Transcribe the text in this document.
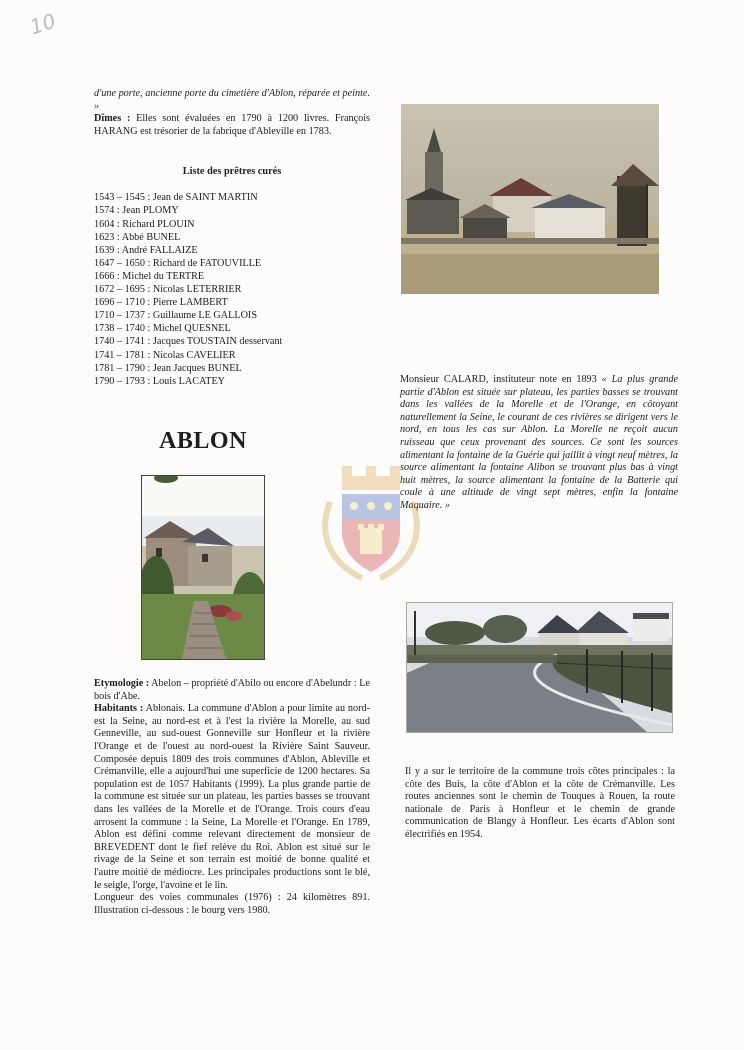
10

d'une porte, ancienne porte du cimetière d'Ablon, réparée et peinte. »

Dîmes : Elles sont évaluées en 1790 à 1200 livres. François HARANG est trésorier de la fabrique d'Ableville en 1783.

Liste des prêtres curés

1543 – 1545 : Jean de SAINT MARTIN
1574 : Jean PLOMY
1604 : Richard PLOUIN
1623 : Abbé BUNEL
1639 : André FALLAIZE
1647 – 1650 : Richard de FATOUVILLE
1666 : Michel du TERTRE
1672 – 1695 : Nicolas LETERRIER
1696 – 1710 : Pierre LAMBERT
1710 – 1737 : Guillaume LE GALLOIS
1738 – 1740 : Michel QUESNEL
1740 – 1741 : Jacques TOUSTAIN desservant
1741 – 1781 : Nicolas CAVELIER
1781 – 1790 : Jean Jacques BUNEL
1790 – 1793 : Louis LACATEY
ABLON

Etymologie : Abelon – propriété d'Abilo ou encore d'Abelundr : Le bois d'Abe.

Habitants : Ablonais. La commune d'Ablon a pour limite au nord-est la Seine, au nord-est et à l'est la rivière la Morelle, au sud Genneville, au sud-ouest Gonneville sur Honfleur et la rivière l'Orange et de l'ouest au nord-ouest la Rivière Saint Sauveur. Composée depuis 1809 des trois communes d'Ablon, Ableville et Crémanville, elle a aujourd'hui une superficie de 1200 hectares. Sa population est de 1057 Habitants (1999). La plus grande partie de la commune est située sur un plateau, les parties basses se trouvant dans les vallées de la Morelle et de l'Orange. Trois cours d'eau arrosent la commune : la Seine, La Morelle et l'Orange. En 1789, Ablon est défini comme relevant directement de monsieur de BREVEDENT dont le fief relève du Roi. Ablon est situé sur le rivage de la Seine et son terrain est moitié de bonne qualité et l'autre moitié de médiocre. Les principales productions sont le blé, le seigle, l'orge, l'avoine et le lin.

Longueur des voies communales (1976) : 24 kilomètres 891. Illustration ci-dessous : le bourg vers 1980.

Monsieur CALARD, instituteur note en 1893 « La plus grande partie d'Ablon est située sur plateau, les parties basses se trouvant dans les vallées de la Morelle et de l'Orange, en côtoyant naturellement la Seine, le courant de ces rivières se dirigent vers le nord, en tous les cas sur Ablon. La Morelle ne reçoit aucun ruisseau que ceux provenant des sources. Ce sont les sources alimentant la fontaine de la Guérie qui jaillit à vingt neuf mètres, la source alimentant la fontaine Alibon se trouvant plus bas à vingt huit mètres, la source alimentant la fontaine de la Batterie qui coule à une altitude de vingt sept mètres, enfin la fontaine Maquaire. »

Il y a sur le territoire de la commune trois côtes principales : la côte des Buis, la côte d'Ablon et la côte de Crémanville. Les routes anciennes sont le chemin de Touques à Rouen, la route nationale de Paris à Honfleur et le chemin de grande communication de Blangy à Honfleur. Les écarts d'Ablon sont électrifiés en 1954.
